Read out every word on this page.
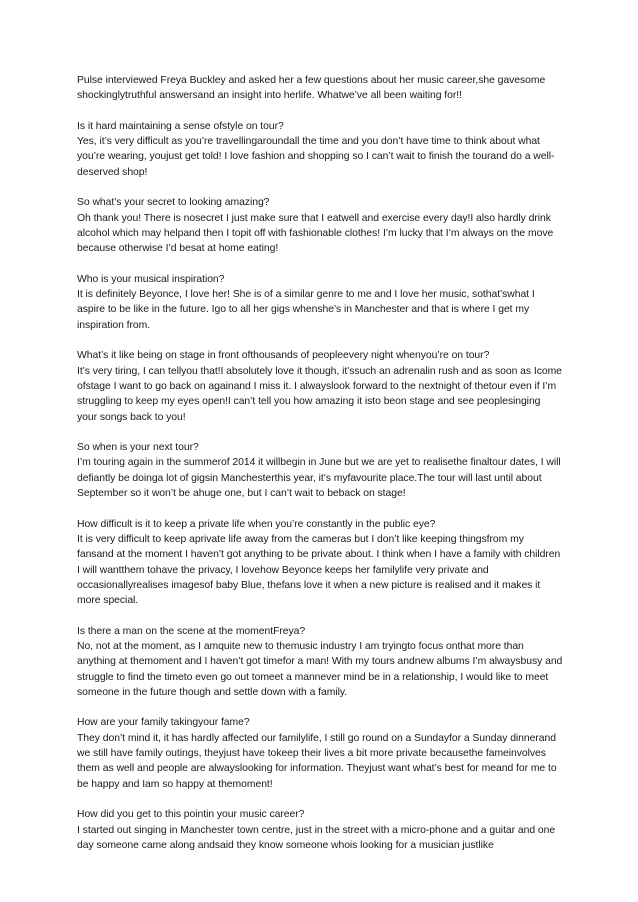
Pulse interviewed Freya Buckley and asked her a few questions about her music career,she gavesome shockinglytruthful answersand an insight into herlife. Whatwe’ve all been waiting for!!

Is it hard maintaining a sense ofstyle on tour?
Yes, it’s very difficult as you’re travellingaroundall the time and you don’t have time to think about what you’re wearing, youjust get told! I love fashion and shopping so I can’t wait to finish the tourand do a well-deserved shop!
So what’s your secret to looking amazing?
Oh thank you! There is nosecret I just make sure that I eatwell and exercise every day!I also hardly drink alcohol which may helpand then I topit off with fashionable clothes! I’m lucky that I’m always on the move because otherwise I’d besat at home eating!
Who is your musical inspiration?
It is definitely Beyonce, I love her! She is of a similar genre to me and I love her music, sothat’swhat I aspire to be like in the future. Igo to all her gigs whenshe’s in Manchester and that is where I get my inspiration from.
What’s it like being on stage in front ofthousands of peopleevery night whenyou’re on tour?
It’s very tiring, I can tellyou that!I absolutely love it though, it’ssuch an adrenalin rush and as soon as Icome ofstage I want to go back on againand I miss it. I alwayslook forward to the nextnight of thetour even if I’m struggling to keep my eyes open!I can’t tell you how amazing it isto beon stage and see peoplesinging your songs back to you!
So when is your next tour?
I’m touring again in the summerof 2014 it willbegin in June but we are yet to realisethe finaltour dates, I will defiantly be doinga lot of gigsin Manchesterthis year, it’s myfavourite place.The tour will last until about September so it won’t be ahuge one, but I can’t wait to beback on stage!
How difficult is it to keep a private life when you’re constantly in the public eye?
It is very difficult to keep aprivate life away from the cameras but I don’t like keeping thingsfrom my fansand at the moment I haven’t got anything to be private about. I think when I have a family with children I will wantthem tohave the privacy, I lovehow Beyonce keeps her familylife very private and occasionallyrealises imagesof baby Blue, thefans love it when a new picture is realised and it makes it more special.
Is there a man on the scene at the momentFreya?
No, not at the moment, as I amquite new to themusic industry I am tryingto focus onthat more than anything at themoment and I haven’t got timefor a man! With my tours andnew albums I’m alwaysbusy and struggle to find the timeto even go out tomeet a mannever mind be in a relationship, I would like to meet someone in the future though and settle down with a family.
How are your family takingyour fame?
They don’t mind it, it has hardly affected our familylife, I still go round on a Sundayfor a Sunday dinnerand we still have family outings, theyjust have tokeep their lives a bit more private becausethe fameinvolves them as well and people are alwayslooking for information. Theyjust want what’s best for meand for me to be happy and Iam so happy at themoment!
How did you get to this pointin your music career?
I started out singing in Manchester town centre, just in the street with a micro-phone and a guitar and one day someone came along andsaid they know someone whois looking for a musician justlike
